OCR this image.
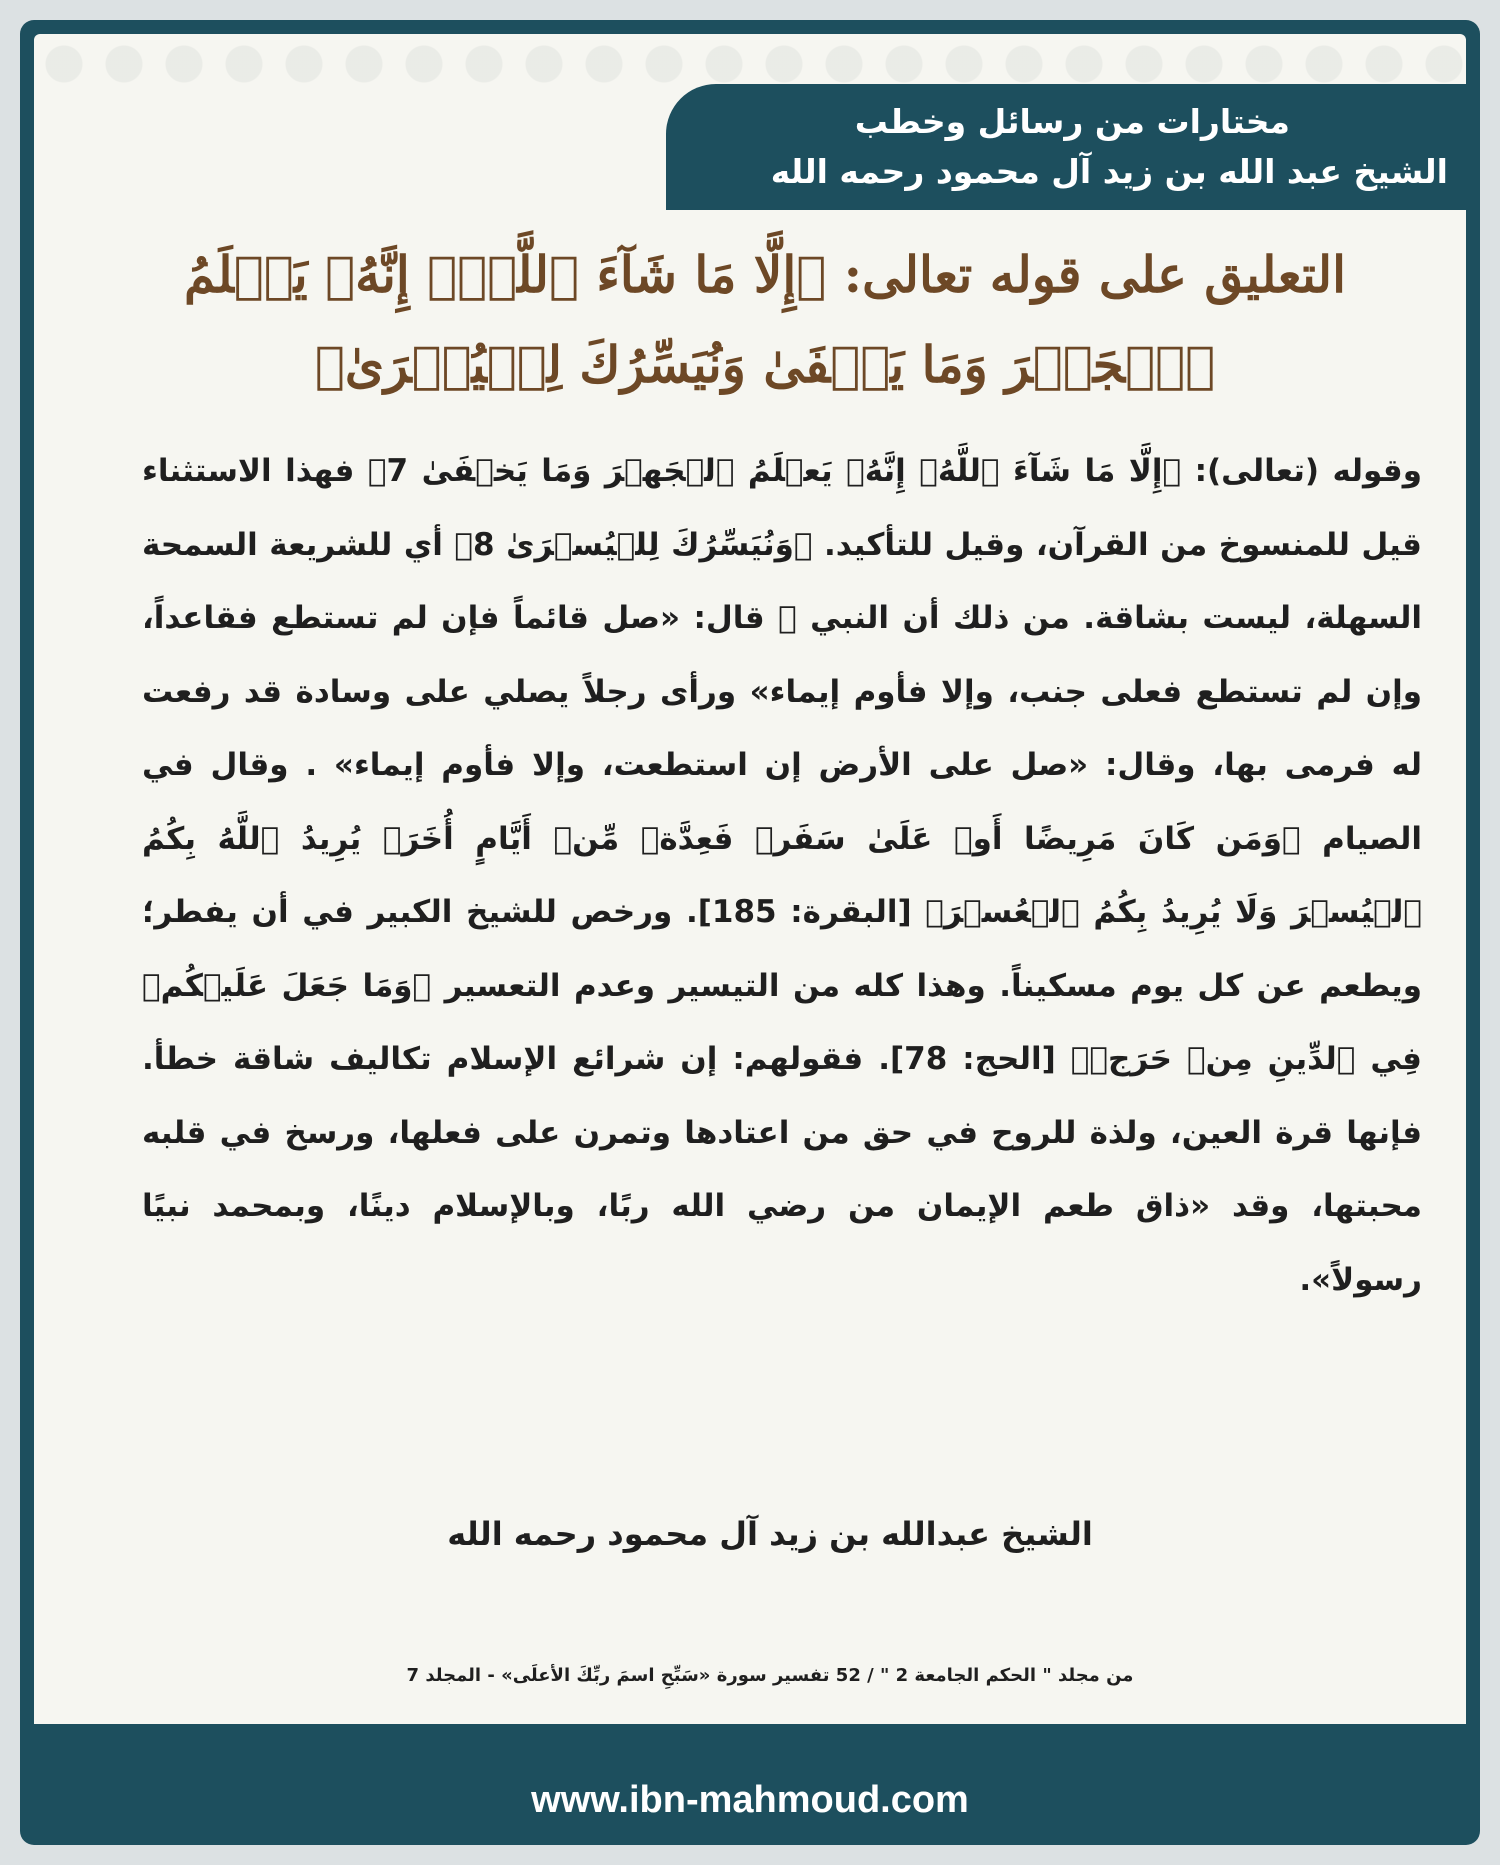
مختارات من رسائل وخطب
الشيخ عبد الله بن زيد آل محمود رحمه الله
التعليق على قوله تعالى: ﴿إِلَّا مَا شَآءَ ٱللَّهُۚ إِنَّهُۥ يَعۡلَمُ ٱلۡجَهۡرَ وَمَا يَخۡفَىٰ وَنُيَسِّرُكَ لِلۡيُسۡرَىٰ﴾
وقوله (تعالى): ﴿إِلَّا مَا شَآءَ ٱللَّهُۚ إِنَّهُۥ يَعۡلَمُ ٱلۡجَهۡرَ وَمَا يَخۡفَىٰ 7﴾ فهذا الاستثناء قيل للمنسوخ من القرآن، وقيل للتأكيد. ﴿وَنُيَسِّرُكَ لِلۡيُسۡرَىٰ 8﴾ أي للشريعة السمحة السهلة، ليست بشاقة. من ذلك أن النبي ﷺ قال: «صل قائماً فإن لم تستطع فقاعداً، وإن لم تستطع فعلى جنب، وإلا فأوم إيماء» ورأى رجلاً يصلي على وسادة قد رفعت له فرمى بها، وقال: «صل على الأرض إن استطعت، وإلا فأوم إيماء» . وقال في الصيام ﴿وَمَن كَانَ مَرِيضًا أَوۡ عَلَىٰ سَفَرٖ فَعِدَّةٞ مِّنۡ أَيَّامٍ أُخَرَۗ يُرِيدُ ٱللَّهُ بِكُمُ ٱلۡيُسۡرَ وَلَا يُرِيدُ بِكُمُ ٱلۡعُسۡرَ﴾ [البقرة: 185]. ورخص للشيخ الكبير في أن يفطر؛ ويطعم عن كل يوم مسكيناً. وهذا كله من التيسير وعدم التعسير ﴿وَمَا جَعَلَ عَلَيۡكُمۡ فِي ٱلدِّينِ مِنۡ حَرَجٖ﴾ [الحج: 78]. فقولهم: إن شرائع الإسلام تكاليف شاقة خطأ. فإنها قرة العين، ولذة للروح في حق من اعتادها وتمرن على فعلها، ورسخ في قلبه محبتها، وقد «ذاق طعم الإيمان من رضي الله ربًا، وبالإسلام دينًا، وبمحمد نبيًا رسولاً».
الشيخ عبدالله بن زيد آل محمود رحمه الله
من مجلد " الحكم الجامعة 2 " / 52 تفسير سورة «سَبِّحِ اسمَ ربِّكَ الأعلَى» - المجلد 7
www.ibn-mahmoud.com
